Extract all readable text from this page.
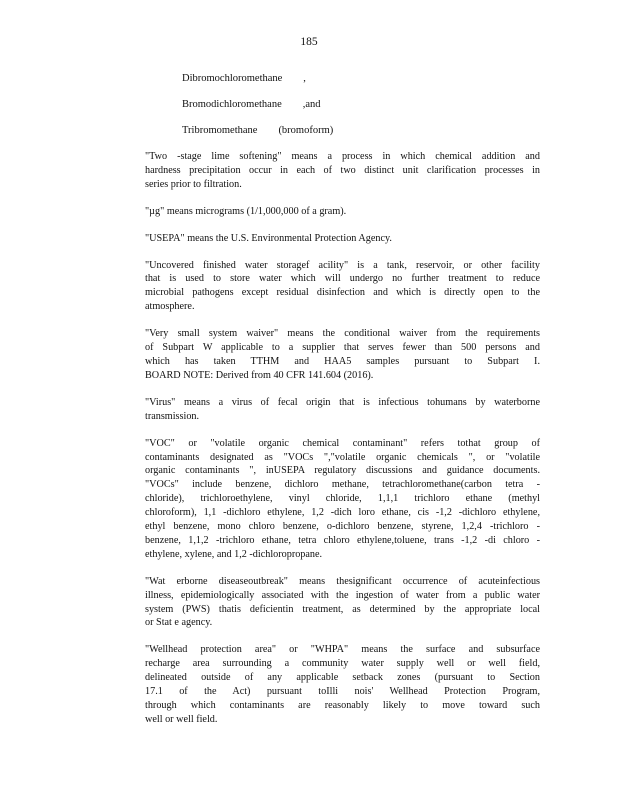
185
Dibromochloromethane        ,
Bromodichloromethane        ,and
Tribromomethane        (bromoform)
"Two -stage lime softening" means a process in which chemical addition and
hardness precipitation occur in each of two distinct unit clarification processes in
series prior to filtration.
"µg" means micrograms (1/1,000,000 of a gram).
"USEPA" means the U.S. Environmental Protection Agency.
"Uncovered finished water storagef acility" is a tank, reservoir, or other facility
that is used to store water which will undergo no further treatment to reduce
microbial pathogens except residual disinfection and which is directly open to the
atmosphere.
"Very small system waiver" means the conditional waiver from the requirements
of Subpart W applicable to a supplier that serves fewer than 500 persons and
which has taken TTHM and HAA5 samples pursuant to Subpart I.
BOARD NOTE: Derived from 40 CFR 141.604 (2016).
"Virus" means a virus of fecal origin that is infectious tohumans by waterborne
transmission.
"VOC" or "volatile organic chemical contaminant" refers tothat group of
contaminants designated as "VOCs ","volatile organic chemicals ", or "volatile
organic contaminants ", inUSEPA regulatory discussions and guidance documents.
"VOCs" include benzene, dichloro methane, tetrachloromethane(carbon tetra -
chloride), trichloroethylene, vinyl chloride, 1,1,1 trichloro ethane (methyl
chloroform), 1,1 -dichloro ethylene, 1,2 -dich loro ethane, cis -1,2 -dichloro ethylene,
ethyl benzene, mono chloro benzene, o-dichloro benzene, styrene, 1,2,4 -trichloro -
benzene, 1,1,2 -trichloro ethane, tetra chloro ethylene,toluene, trans -1,2 -di chloro -
ethylene, xylene, and 1,2 -dichloropropane.
"Wat erborne diseaseoutbreak" means thesignificant occurrence of acuteinfectious
illness, epidemiologically associated with the ingestion of water from a public water
system (PWS) thatis deficientin treatment, as determined by the appropriate local
or Stat e agency.
"Wellhead protection area" or "WHPA" means the surface and subsurface
recharge area surrounding a community water supply well or well field,
delineated outside of any applicable setback zones (pursuant to Section
17.1 of the Act) pursuant toIlli nois' Wellhead Protection Program,
through which contaminants are reasonably likely to move toward such
well or well field.
